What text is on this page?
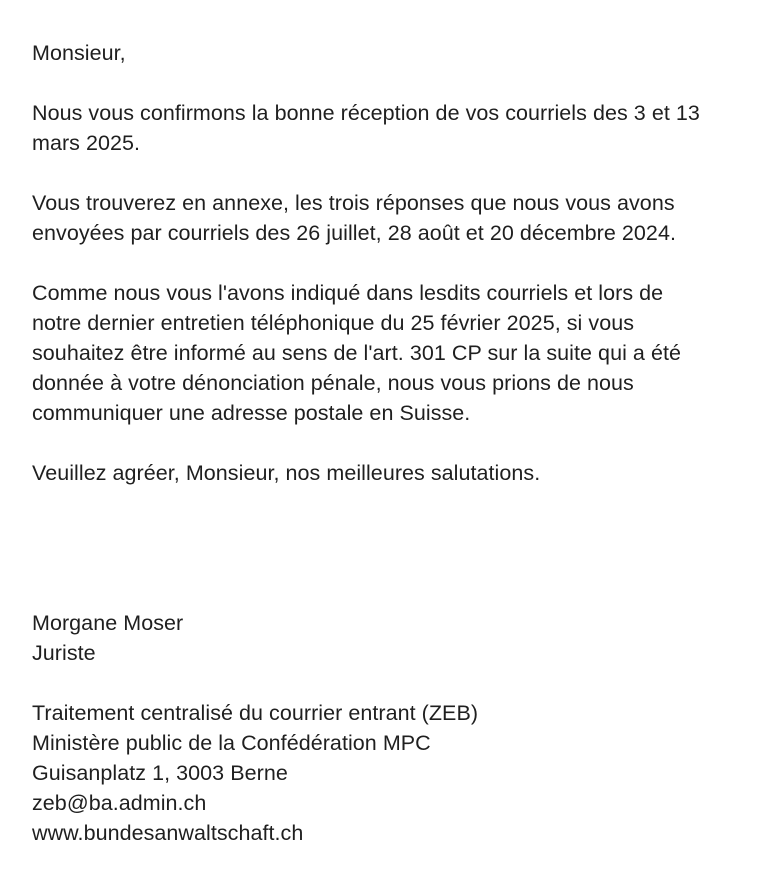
Monsieur,

Nous vous confirmons la bonne réception de vos courriels des 3 et 13
mars 2025.

Vous trouverez en annexe, les trois réponses que nous vous avons
envoyées par courriels des 26 juillet, 28 août et 20 décembre 2024.

Comme nous vous l'avons indiqué dans lesdits courriels et lors de
notre dernier entretien téléphonique du 25 février 2025, si vous
souhaitez être informé au sens de l'art. 301 CP sur la suite qui a été
donnée à votre dénonciation pénale, nous vous prions de nous
communiquer une adresse postale en Suisse.

Veuillez agréer, Monsieur, nos meilleures salutations.

Morgane Moser
Juriste

Traitement centralisé du courrier entrant (ZEB)
Ministère public de la Confédération MPC
Guisanplatz 1, 3003 Berne
zeb@ba.admin.ch
www.bundesanwaltschaft.ch
